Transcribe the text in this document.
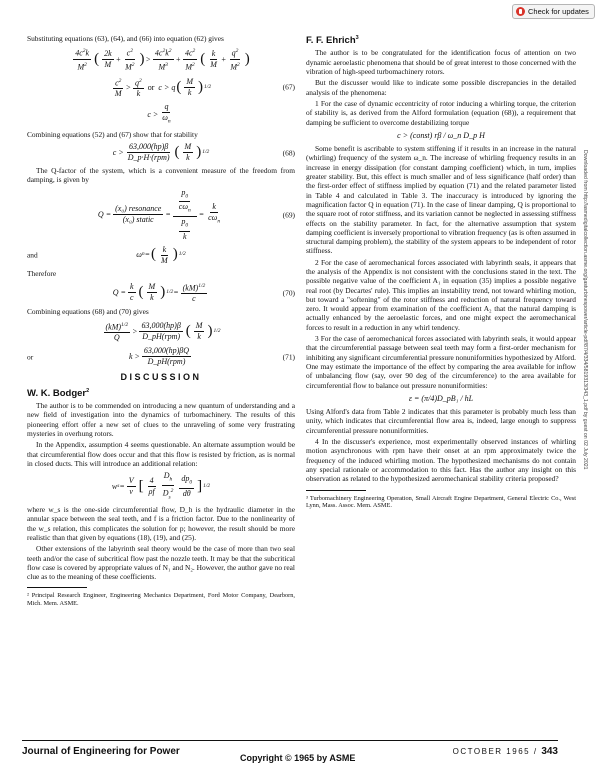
Check for updates

Substituting equations (63), (64), and (66) into equation (62) gives

$\frac{4c^2k}{M^2}$ ( $\frac{2k}{M} + \frac{c^2}{M^2}$ ) > $\frac{4c^2k^2}{M^3} + \frac{4c^2}{M^2}$ ( $\frac{k}{M} + \frac{q^2}{M^2}$ )
$\frac{c^2}{M} > \frac{q^2}{k}$
or c > q ( $\frac{M}{k}$ ) 1/2	(67)
$c > \frac{q}{\omega_n}$

Combining equations (52) and (67) show that for stability

$c > \frac{63,000(hp)\beta}{\text{D\_p·H·(rpm)}}$ ( $\frac{M}{k}$ ) 1/2	(68)

The Q-factor of the system, which is a convenient measure of the freedom from damping, is given by

$Q = \frac{\text{(x₀) resonance}}{\text{(x₀) static}} = \frac{\frac{p_0}{c\omega_n}}{\frac{p_0}{k}} = \frac{k}{c\omega_n}$	(69)
and	ω n = ( $\frac{k}{M}$ ) 1/2

Therefore

$Q = \frac{k}{c}$ ( $\frac{M}{k}$ ) $1/2 = \frac{(kM)^{1/2}}{c}$	(70)

Combining equations (68) and (70) gives

$\frac{(kM)^{1/2}}{Q} > \frac{63,000(hp)\beta}{\text{D\_pH(rpm)}}$ ( $\frac{M}{k}$ ) 1/2
or	$k > \frac{63,000(hp)\beta Q}{\text{D\_pH(rpm)}}$	(71)
DISCUSSION
W. K. Bodger$^2$

The author is to be commended on introducing a new quantum of understanding and a new field of investigation into the dynamics of turbomachinery. The results of this pioneering effort offer a new set of clues to the unraveling of some very frustrating mysteries in overhung rotors.

In the Appendix, assumption 4 seems questionable. An alternate assumption would be that circumferential flow does occur and that this flow is resisted by friction, as is normal in closed ducts. This will introduce an additional relation:

w $s = \frac{V}{v}$ [ $\frac{4}{\rho f} \frac{D_h}{D_s^2} \frac{dp_0}{d\theta}$ ] 1/2

where w_s is the one-side circumferential flow, D_h is the hydraulic diameter in the annular space between the seal teeth, and f is a friction factor. Due to the nonlinearity of the w_s relation, this complicates the solution for p; however, the result should be more realistic than that given by equations (18), (19), and (25).

Other extensions of the labyrinth seal theory would be the case of more than two seal teeth and/or the case of subcritical flow past the nozzle teeth. It may be that the subcritical flow case is covered by appropriate values of N₁ and N₂. However, the author gave no real clue as to the meaning of these coefficients.

² Principal Research Engineer, Engineering Mechanics Department, Ford Motor Company, Dearborn, Mich. Mem. ASME.
F. F. Ehrich$^3$

The author is to be congratulated for the identification focus of attention on two dynamic aeroelastic phenomena that should be of great interest to those concerned with the vibration of high-speed turbomachinery rotors.

But the discusser would like to indicate some possible discrepancies in the detailed analysis of the phenomena:

1 For the case of dynamic eccentricity of rotor inducing a whirling torque, the criterion of stability is, as derived from the Alford formulation (equation (68)), a requirement that damping be sufficient to overcome destabilizing torque

c > (const) rβ / ω_n D_p H

Some benefit is ascribable to system stiffening if it results in an increase in the natural (whirling) frequency of the system ω_n. The increase of whirling frequency results in an increase in energy dissipation (for constant damping coefficient) which, in turn, implies greater stability. But, this effect is much smaller and of less significance (half order) than the first-order effect of stiffness implied by equation (71) and the related parameter listed in Table 4 and calculated in Table 3. The inaccuracy is introduced by ignoring the magnification factor Q in equation (71). In the case of linear damping, Q is proportional to the square root of rotor stiffness, and its variation cannot be neglected in assessing stiffness effects on the stability parameter. In fact, for the alternative assumption that system damping coefficient is inversely proportional to vibration frequency (as is often assumed in structural damping problem), the stability of the system appears to be independent of rotor stiffness.

2 For the case of aeromechanical forces associated with labyrinth seals, it appears that the analysis of the Appendix is not consistent with the conclusions stated in the text. The possible negative value of the coefficient A₁ in equation (35) implies a possible negative real root (by Decartes' rule). This implies an instability trend, not toward whirling motion, but toward a "softening" of the rotor stiffness and reduction of natural frequency toward zero. It would appear from examination of the coefficient A₂ that the natural damping is actually enhanced by the aeroelastic forces, and one might expect the aeromechanical forces to result in a reduction in any whirl tendency.

3 For the case of aeromechanical forces associated with labyrinth seals, it would appear that the circumferential passage between seal teeth may form a first-order mechanism for inhibiting any significant circumferential pressure nonuniformities hypothesized by Alford. One may estimate the importance of the effect by comparing the area available for inflow of unbalancing flow (say, over 90 deg of the circumference) to the area available for circumferential flow to balance out pressure nonuniformities:

ε = (π/4)D_pB₁ / hL

Using Alford's data from Table 2 indicates that this parameter is probably much less than unity, which indicates that circumferential flow area is, indeed, large enough to suppress circumferential pressure nonuniformities.

4 In the discusser's experience, most experimentally observed instances of whirling motion asynchronous with rpm have their onset at an rpm approximately twice the frequency of the induced whirling motion. The hypothesized mechanisms do not contain any special rationale or accommodation to this fact. Has the author any insight on this observation as related to the hypothesized aeromechanical stability criteria proposed?

³ Turbomachinery Engineering Operation, Small Aircraft Engine Department, General Electric Co., West Lynn, Mass. Assoc. Mem. ASME.
Downloaded from http://asmedigitalcollection.asme.org/gasturbinespower/article-pdf/87/4/334/5819313/343_1.pdf by guest on 02 July 2021
Journal of Engineering for Power
Copyright © 1965 by ASME
OCTOBER 1965 / 343
